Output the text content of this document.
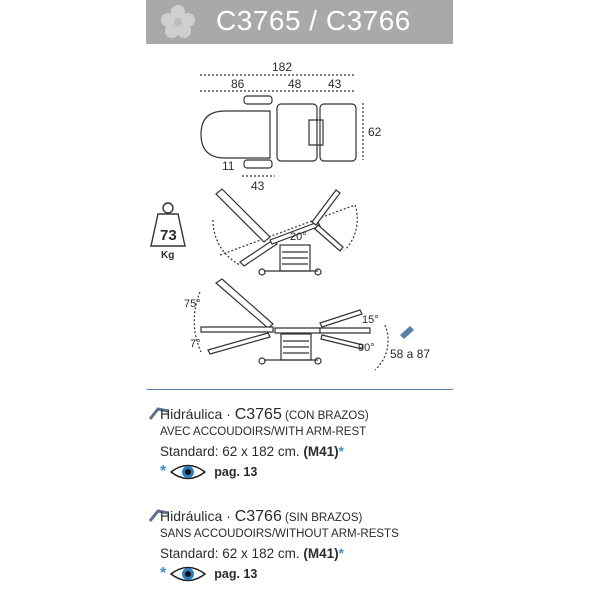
C3765 / C3766
182
86	48 43
62
11
43
73
Kg
20°
75°
7°
15°
90° 58 a 87
Hidráulica · C3765 (CON BRAZOS)
AVEC ACCOUDOIRS/WITH ARM-REST
Standard: 62 x 182 cm. (M41)*
*	pag. 13
Hidráulica · C3766 (SIN BRAZOS)
SANS ACCOUDOIRS/WITHOUT ARM-RESTS
Standard: 62 x 182 cm. (M41)*
*	pag. 13
